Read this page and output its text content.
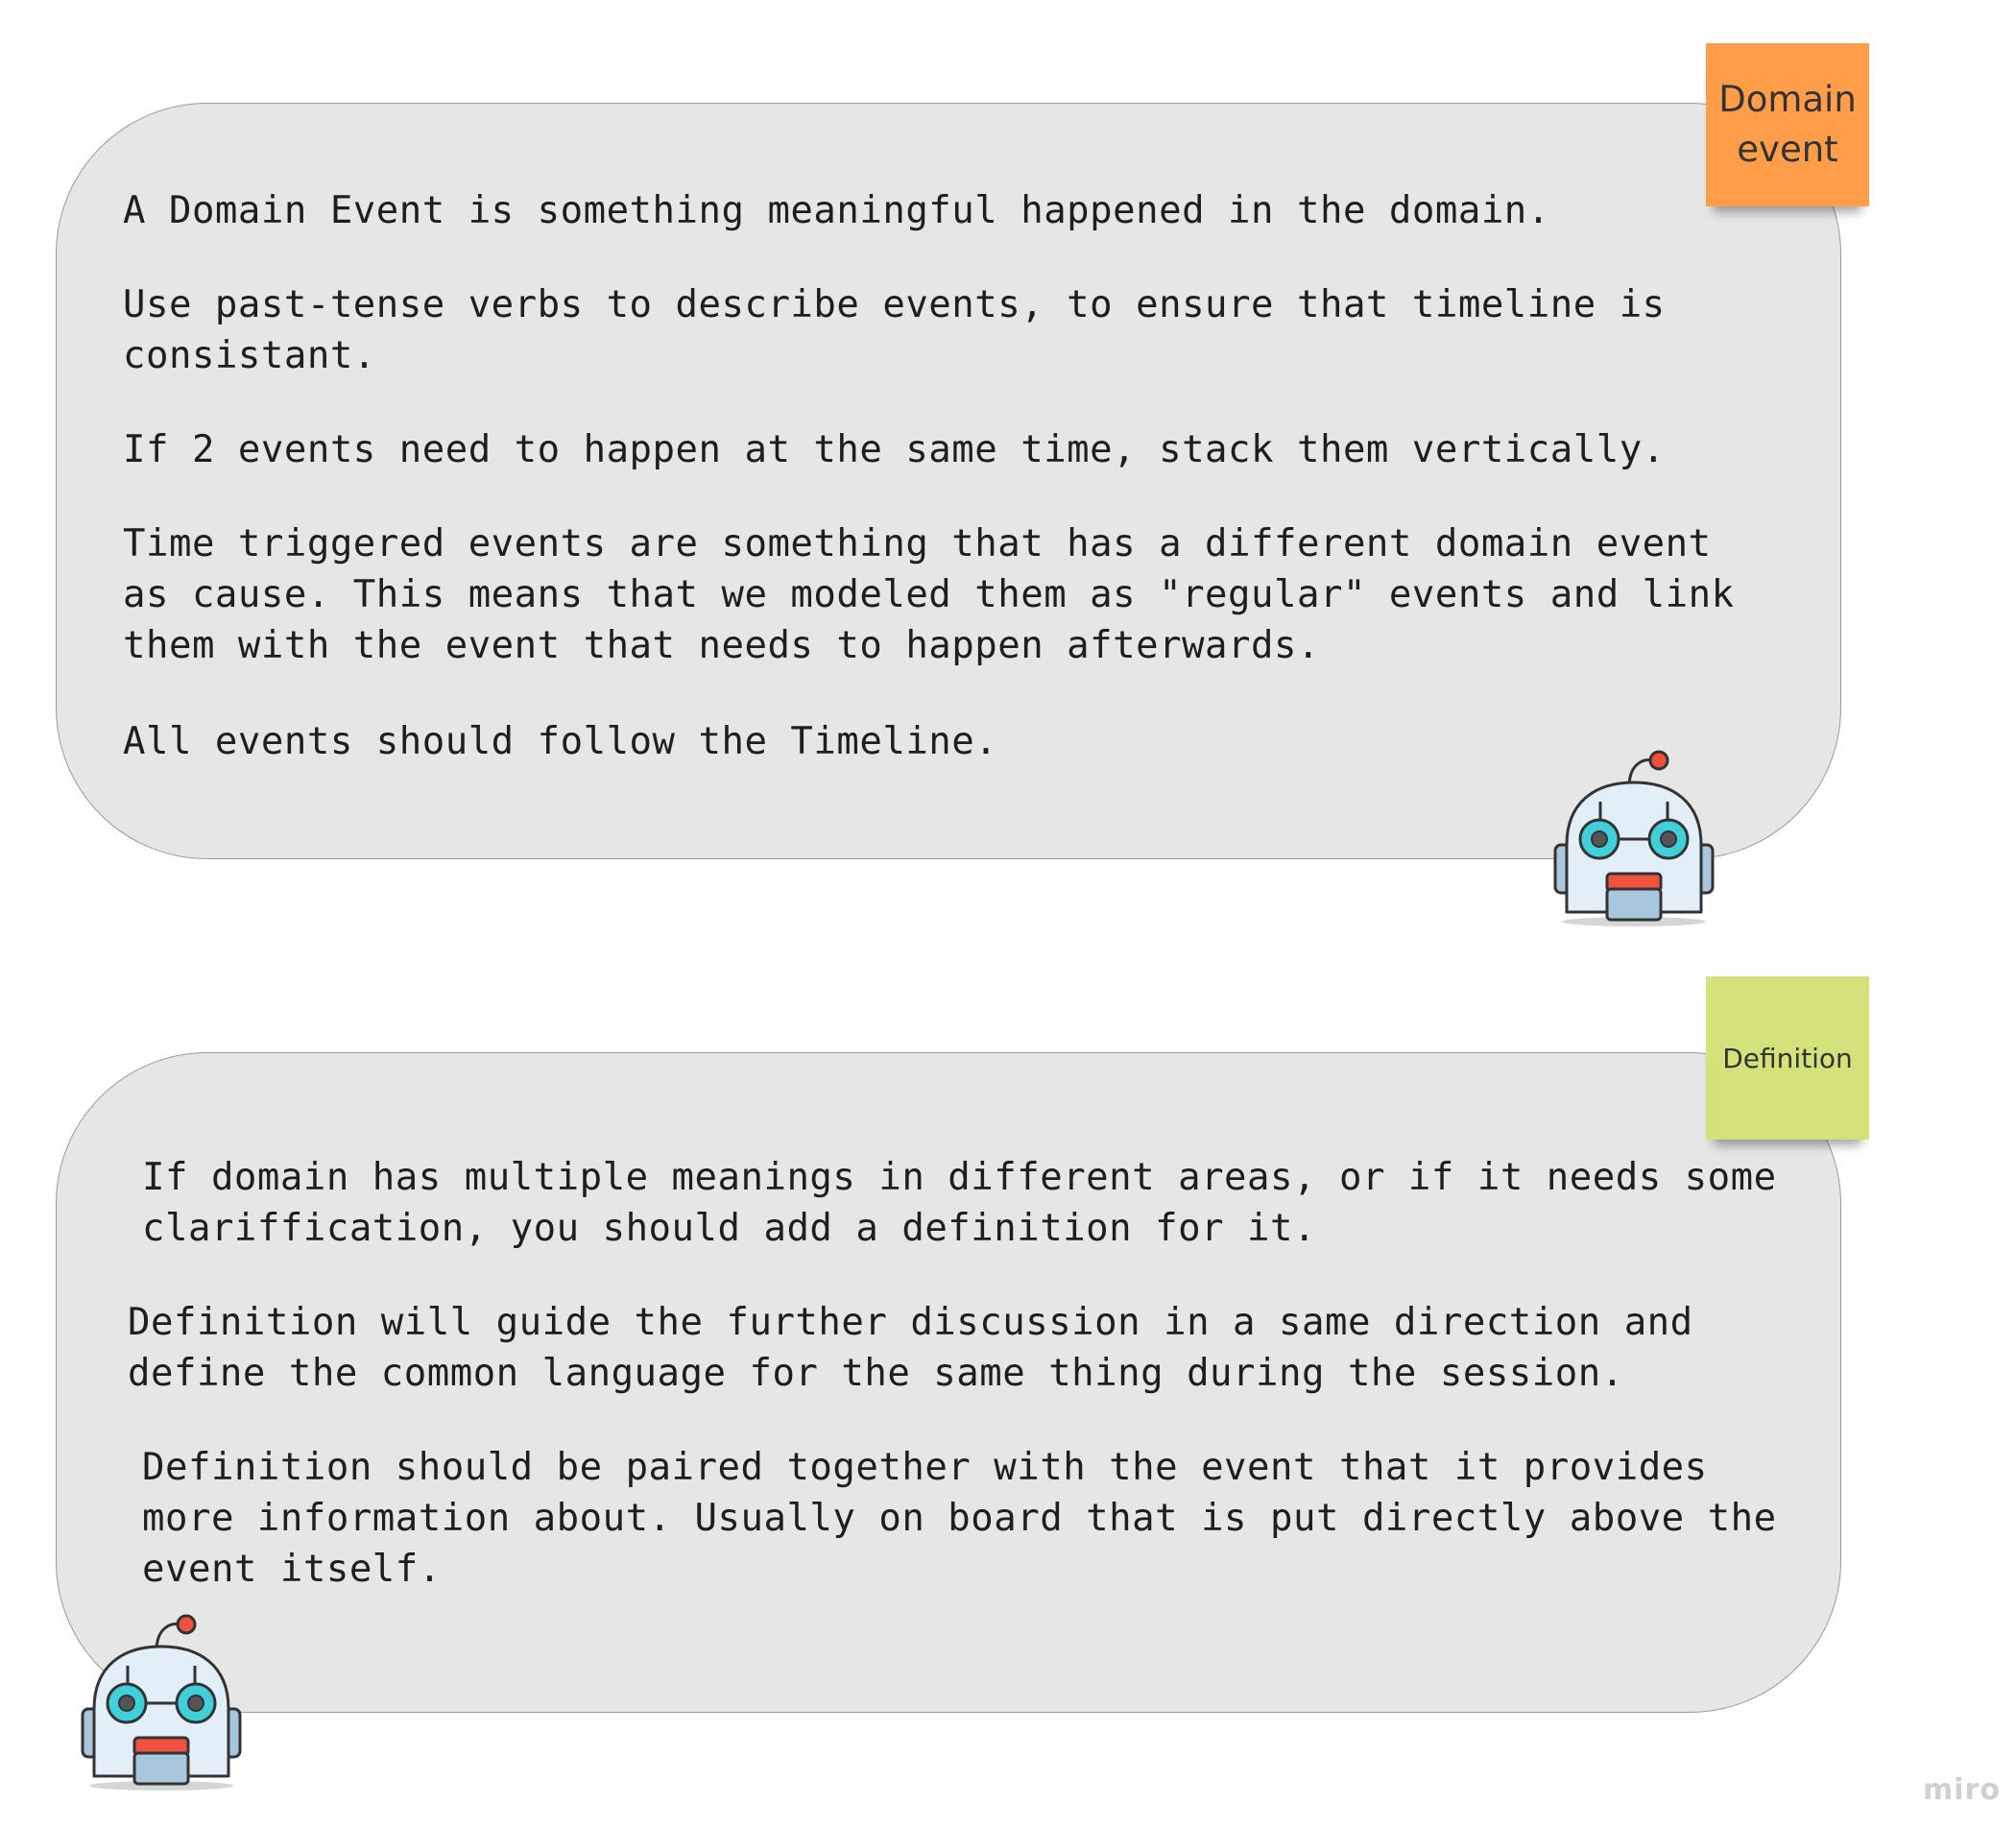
A Domain Event is something meaningful happened in the domain.

Use past-tense verbs to describe events, to ensure that timeline is
consistant.

If 2 events need to happen at the same time, stack them vertically.

Time triggered events are something that has a different domain event
as cause. This means that we modeled them as "regular" events and link
them with the event that needs to happen afterwards.

All events should follow the Timeline.

Domain event

If domain has multiple meanings in different areas, or if it needs some
clariffication, you should add a definition for it.

Definition will guide the further discussion in a same direction and
define the common language for the same thing during the session.

Definition should be paired together with the event that it provides
more information about. Usually on board that is put directly above the
event itself.

Definition
miro
